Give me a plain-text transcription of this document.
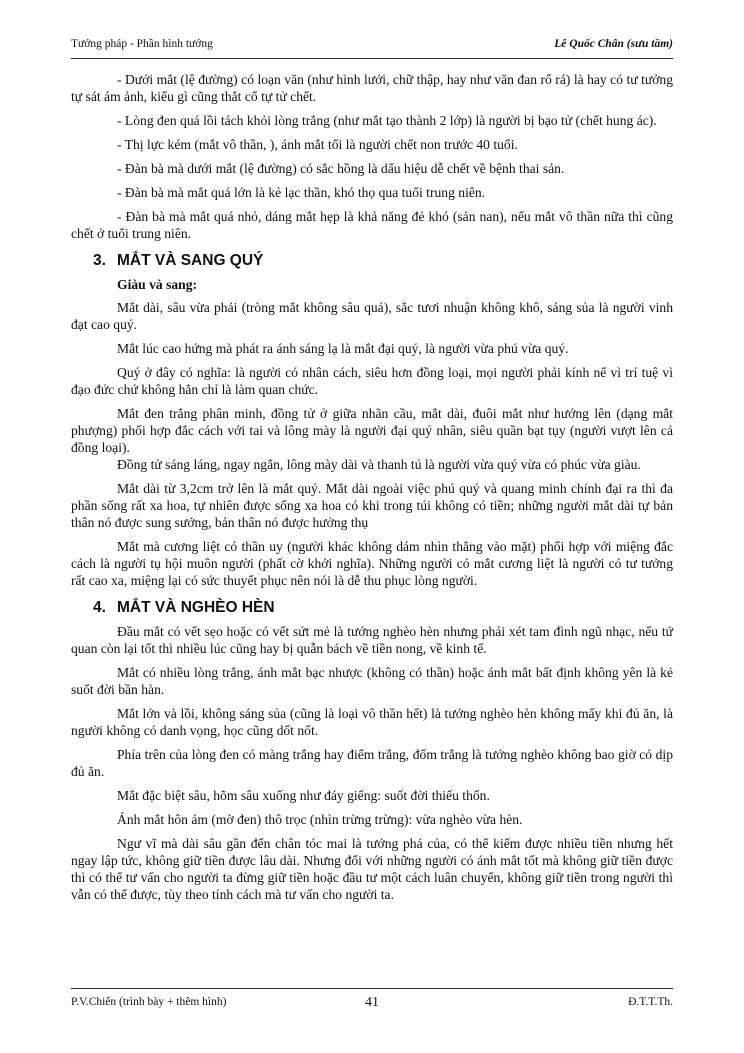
Tướng pháp - Phần hình tướng	Lê Quốc Chân (sưu tầm)

- Dưới mắt (lệ đường) có loạn văn (như hình lưới, chữ thập, hay như văn đan rổ rá) là hay có tư tưởng tự sát ám ảnh, kiểu gì cũng thắt cổ tự tử chết.

- Lòng đen quá lồi tách khỏi lòng trắng (như mắt tạo thành 2 lớp) là người bị bạo tử (chết hung ác).

- Thị lực kém (mắt vô thần, ), ánh mắt tối là người chết non trước 40 tuổi.

- Đàn bà mà dưới mắt (lệ đường) có sắc hồng là dấu hiệu dễ chết về bệnh thai sản.

- Đàn bà mà mắt quá lớn là kẻ lạc thần, khó thọ qua tuổi trung niên.

- Đàn bà mà mắt quá nhỏ, dáng mắt hẹp là khả năng đẻ khó (sản nan), nếu mắt vô thần nữa thì cũng chết ở tuổi trung niên.

3. MẮT VÀ SANG QUÝ
Giàu và sang:

Mắt dài, sâu vừa phải (tròng mắt không sâu quá), sắc tươi nhuận không khô, sáng sủa là người vinh đạt cao quý.

Mắt lúc cao hứng mà phát ra ánh sáng lạ là mắt đại quý, là người vừa phú vừa quý.

Quý ở đây có nghĩa: là người có nhân cách, siêu hơn đồng loại, mọi người phải kính nể vì trí tuệ vì đạo đức chứ không hẳn chỉ là làm quan chức.

Mắt đen trắng phân minh, đồng tử ở giữa nhãn cầu, mắt dài, đuôi mắt như hướng lên (dạng mắt phượng) phối hợp đắc cách với tai và lông mày là người đại quý nhân, siêu quần bạt tụy (người vượt lên cả đồng loại).

Đồng tử sáng láng, ngay ngắn, lông mày dài và thanh tú là người vừa quý vừa có phúc vừa giàu.

Mắt dài từ 3,2cm trở lên là mắt quý. Mắt dài ngoài việc phú quý và quang minh chính đại ra thì đa phần sống rất xa hoa, tự nhiên được sống xa hoa có khi trong túi không có tiền; những người mắt dài tự bản thân nó được sung sướng, bản thân nó được hưởng thụ

Mắt mà cương liệt có thần uy (người khác không dám nhìn thẳng vào mặt) phối hợp với miệng đắc cách là người tụ hội muôn người (phất cờ khởi nghĩa). Những người có mắt cương liệt là người có tư tưởng rất cao xa, miệng lại có sức thuyết phục nên nói là dễ thu phục lòng người.

4. MẮT VÀ NGHÈO HÈN

Đầu mắt có vết sẹo hoặc có vết sứt mẻ là tướng nghèo hèn nhưng phải xét tam đình ngũ nhạc, nếu tứ quan còn lại tốt thì nhiều lúc cũng hay bị quẫn bách về tiền nong, về kinh tế.

Mắt có nhiều lòng trắng, ánh mắt bạc nhược (không có thần) hoặc ánh mắt bất định không yên là kẻ suốt đời bần hàn.

Mắt lớn và lồi, không sáng sủa (cũng là loại vô thần hết) là tướng nghèo hèn không mấy khi đủ ăn, là người không có danh vọng, học cũng dốt nốt.

Phía trên của lòng đen có màng trắng hay điểm trắng, đốm trắng là tướng nghèo không bao giờ có dịp đủ ăn.

Mắt đặc biệt sâu, hõm sâu xuống như đáy giếng: suốt đời thiếu thốn.

Ánh mắt hôn ám (mờ đen) thô trọc (nhìn trừng trừng): vừa nghèo vừa hèn.

Ngư vĩ mà dài sâu gần đến chân tóc mai là tướng phá của, có thể kiếm được nhiều tiền nhưng hết ngay lập tức, không giữ tiền được lâu dài. Nhưng đối với những người có ánh mắt tốt mà không giữ tiền được thì có thể tư vấn cho người ta đừng giữ tiền hoặc đầu tư một cách luân chuyển, không giữ tiền trong người thì vẫn có thể được, tùy theo tính cách mà tư vấn cho người ta.

P.V.Chiến (trình bày + thêm hình)	41	Đ.T.T.Th.
